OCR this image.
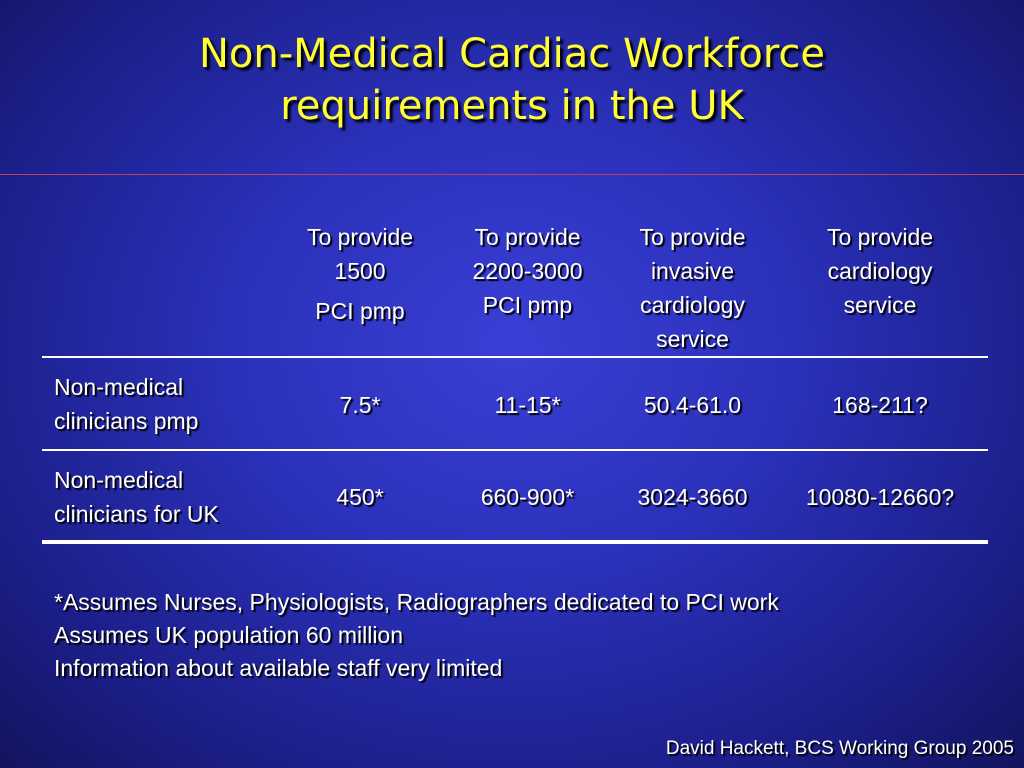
Non-Medical Cardiac Workforce
requirements in the UK
To provide
1500
PCI pmp
To provide
2200-3000
PCI pmp
To provide
invasive
cardiology
service
To provide
cardiology
service
Non-medical
clinicians pmp
7.5*	11-15*	50.4-61.0	168-211?
Non-medical
clinicians for UK
450*	660-900*	3024-3660	10080-12660?
*Assumes Nurses, Physiologists, Radiographers dedicated to PCI work
Assumes UK population 60 million
Information about available staff very limited
David Hackett, BCS Working Group 2005
